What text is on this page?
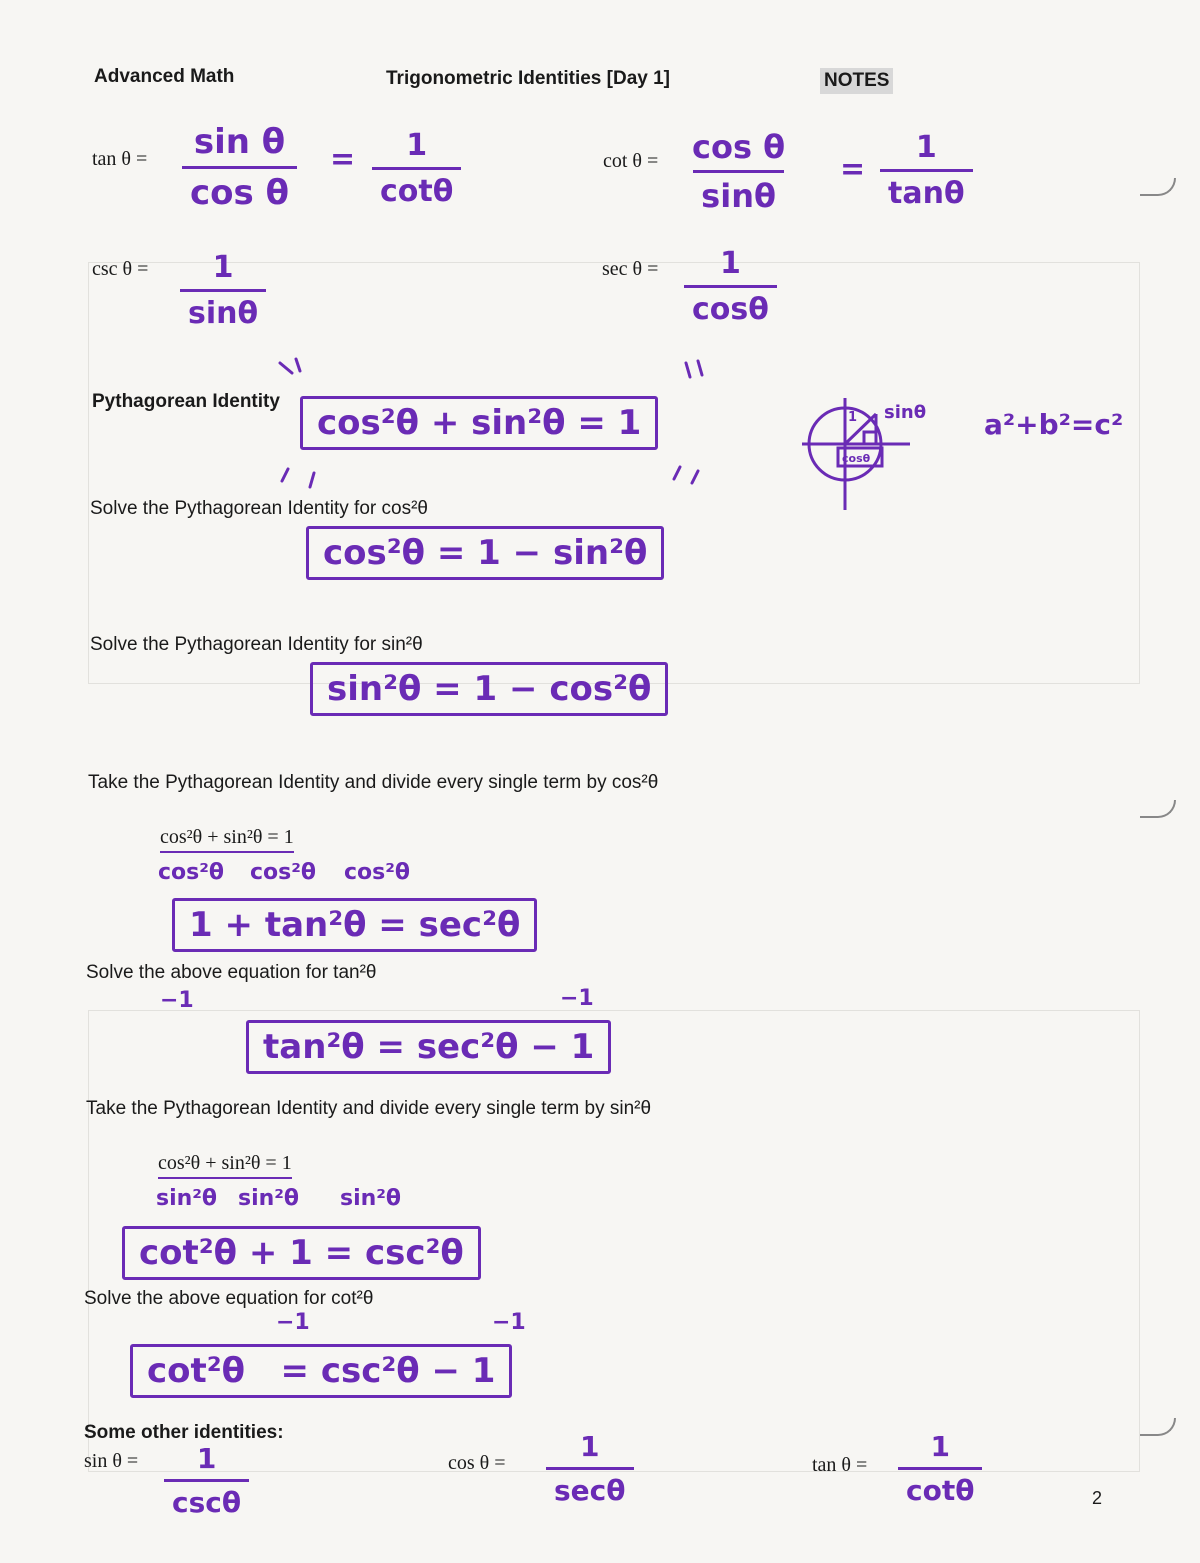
Advanced Math	Trigonometric Identities [Day 1]	NOTES
$\tan \theta = \frac{\text{sin θ}}{\text{cos θ}} = \frac{1}{\cot\theta}$	$\cot \theta = \frac{\text{cos θ}}{\sin\theta} = \frac{1}{\tan\theta}$
$\csc \theta = \frac{1}{\sin\theta}$	$\sec \theta = \frac{1}{\cos\theta}$
Pythagorean Identity
cos²θ + sin²θ = 1	sinθ
cosθ
1	a²+b²=c²
Solve the Pythagorean Identity for cos²θ
cos²θ = 1 − sin²θ
Solve the Pythagorean Identity for sin²θ
sin²θ = 1 − cos²θ
Take the Pythagorean Identity and divide every single term by cos²θ
cos²θ + sin²θ = 1
cos²θ cos²θ cos²θ
1 + tan²θ = sec²θ
Solve the above equation for tan²θ
−1	−1
tan²θ = sec²θ − 1
Take the Pythagorean Identity and divide every single term by sin²θ
cos²θ + sin²θ = 1
sin²θ sin²θ sin²θ
cot²θ + 1 = csc²θ
Solve the above equation for cot²θ
−1	−1
cot²θ   = csc²θ − 1
Some other identities:
sin θ = 1
cscθ
cos θ =	1
secθ
$\tan \theta = \frac{1}{\cot\theta}$	2
